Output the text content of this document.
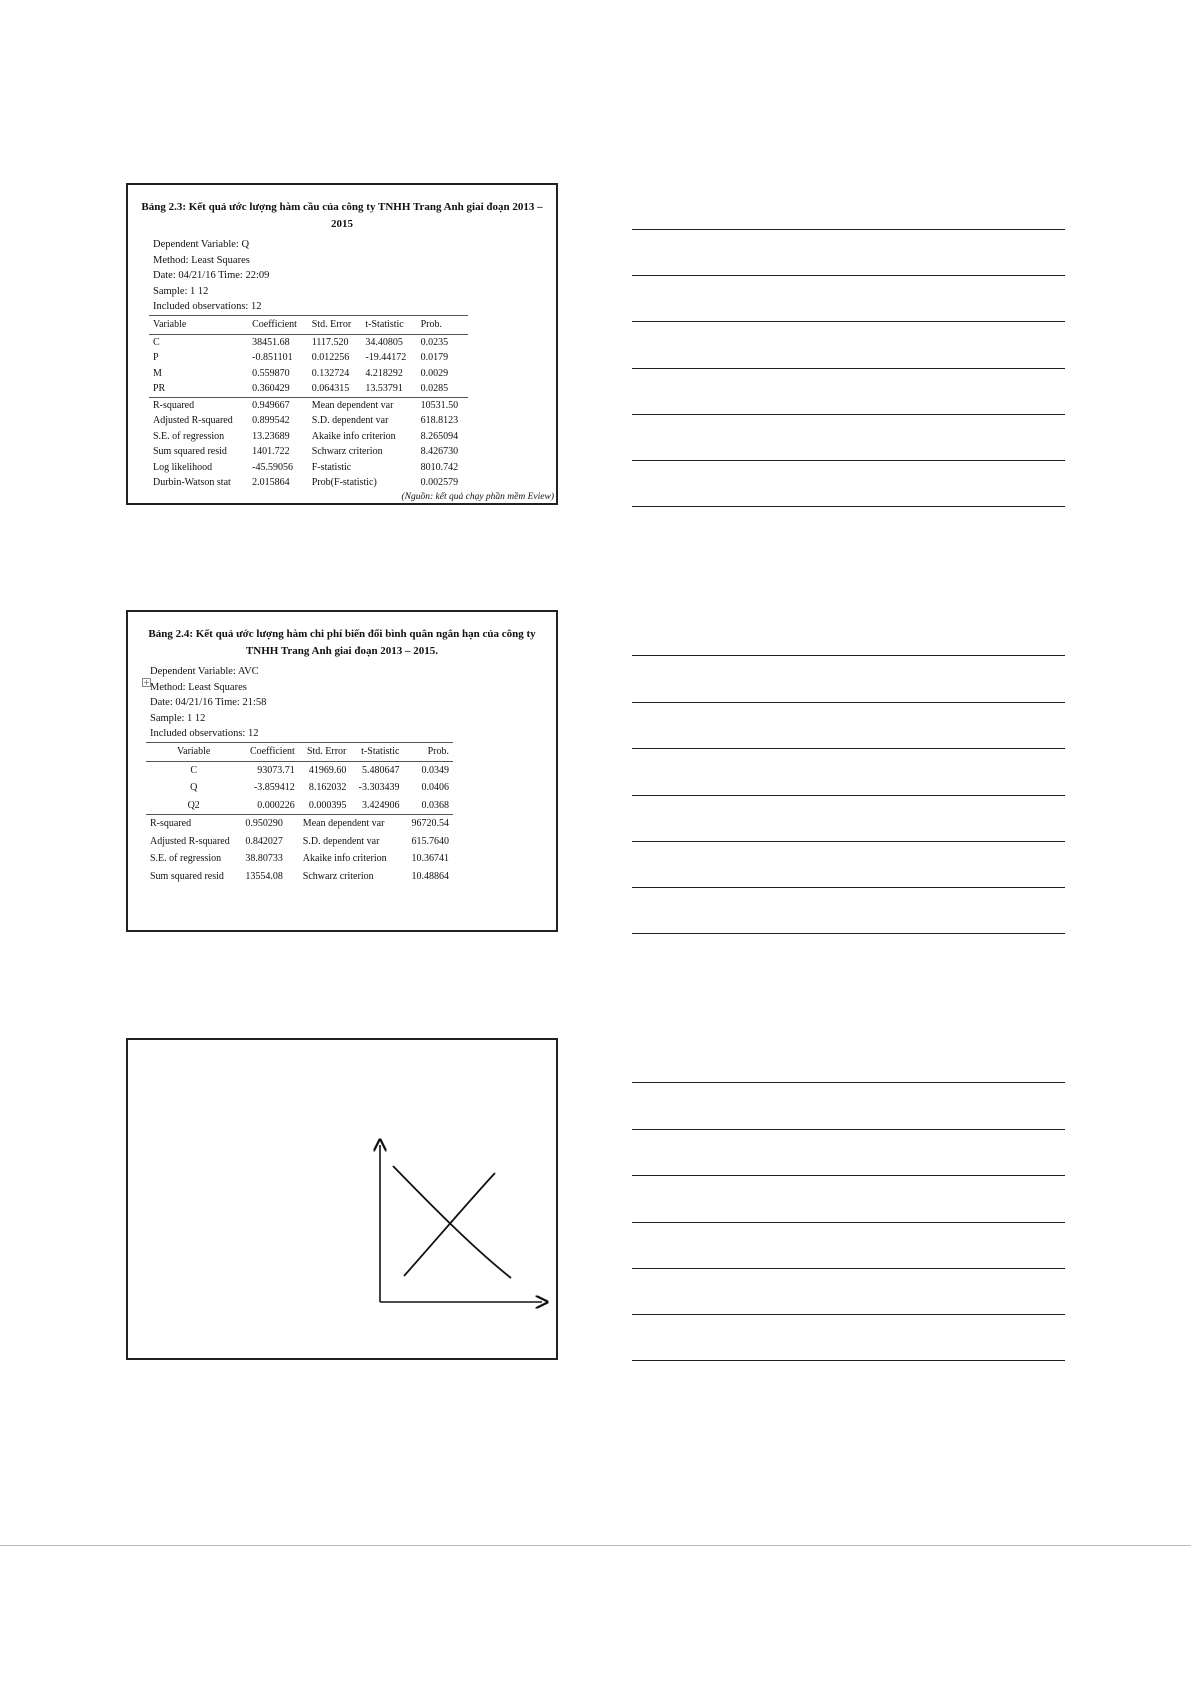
Bảng 2.3: Kết quả ước lượng hàm cầu của công ty TNHH Trang Anh giai đoạn 2013 – 2015
Dependent Variable: Q
Method: Least Squares
Date: 04/21/16 Time: 22:09
Sample: 1 12
Included observations: 12
Variable	Coefficient	Std. Error	t-Statistic	Prob.
C	38451.68	1117.520	34.40805	0.0235
P	-0.851101	0.012256	-19.44172	0.0179
M	0.559870	0.132724	4.218292	0.0029
PR	0.360429	0.064315	13.53791	0.0285
R-squared	0.949667	Mean dependent var		10531.50
Adjusted R-squared	0.899542	S.D. dependent var		618.8123
S.E. of regression	13.23689	Akaike info criterion		8.265094
Sum squared resid	1401.722	Schwarz criterion		8.426730
Log likelihood	-45.59056	F-statistic		8010.742
Durbin-Watson stat	2.015864	Prob(F-statistic)		0.002579
(Nguồn: kết quả chạy phần mềm Eview)
Bảng 2.4: Kết quả ước lượng hàm chi phí biến đổi bình quân ngắn hạn của công ty TNHH Trang Anh giai đoạn 2013 – 2015.
+
Dependent Variable: AVC
Method: Least Squares
Date: 04/21/16 Time: 21:58
Sample: 1 12
Included observations: 12
Variable	Coefficient	Std. Error	t-Statistic	Prob.
C	93073.71	41969.60	5.480647	0.0349
Q	-3.859412	8.162032	-3.303439	0.0406
Q2	0.000226	0.000395	3.424906	0.0368
R-squared	0.950290	Mean dependent var		96720.54
Adjusted R-squared	0.842027	S.D. dependent var		615.7640
S.E. of regression	38.80733	Akaike info criterion		10.36741
Sum squared resid	13554.08	Schwarz criterion		10.48864
